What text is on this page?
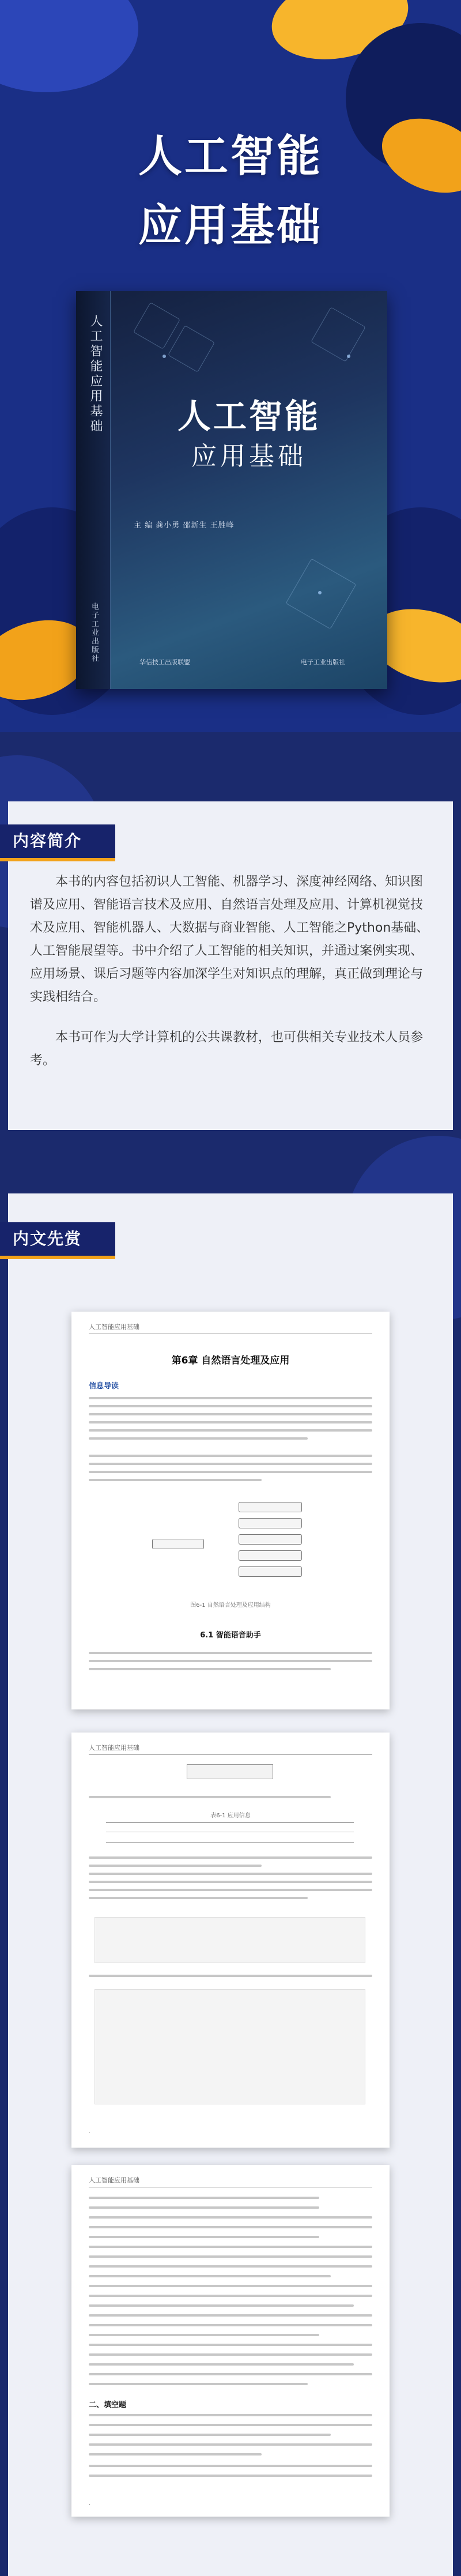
人工智能
应用基础
人工智能应用基础
电子工业出版社
人工智能
应用基础
主 编 龚小勇 邵新生 王胜峰
华信技工出版联盟	电子工业出版社
内容简介

本书的内容包括初识人工智能、机器学习、深度神经网络、知识图谱及应用、智能语言技术及应用、自然语言处理及应用、计算机视觉技术及应用、智能机器人、大数据与商业智能、人工智能之Python基础、人工智能展望等。书中介绍了人工智能的相关知识，并通过案例实现、应用场景、课后习题等内容加深学生对知识点的理解，真正做到理论与实践相结合。

本书可作为大学计算机的公共课教材，也可供相关专业技术人员参考。

内文先赏
人工智能应用基础
第6章 自然语言处理及应用
信息导读
图6-1 自然语言处理及应用结构
6.1 智能语音助手
人工智能应用基础
表6-1 应用信息
·
人工智能应用基础
二、填空题
·
